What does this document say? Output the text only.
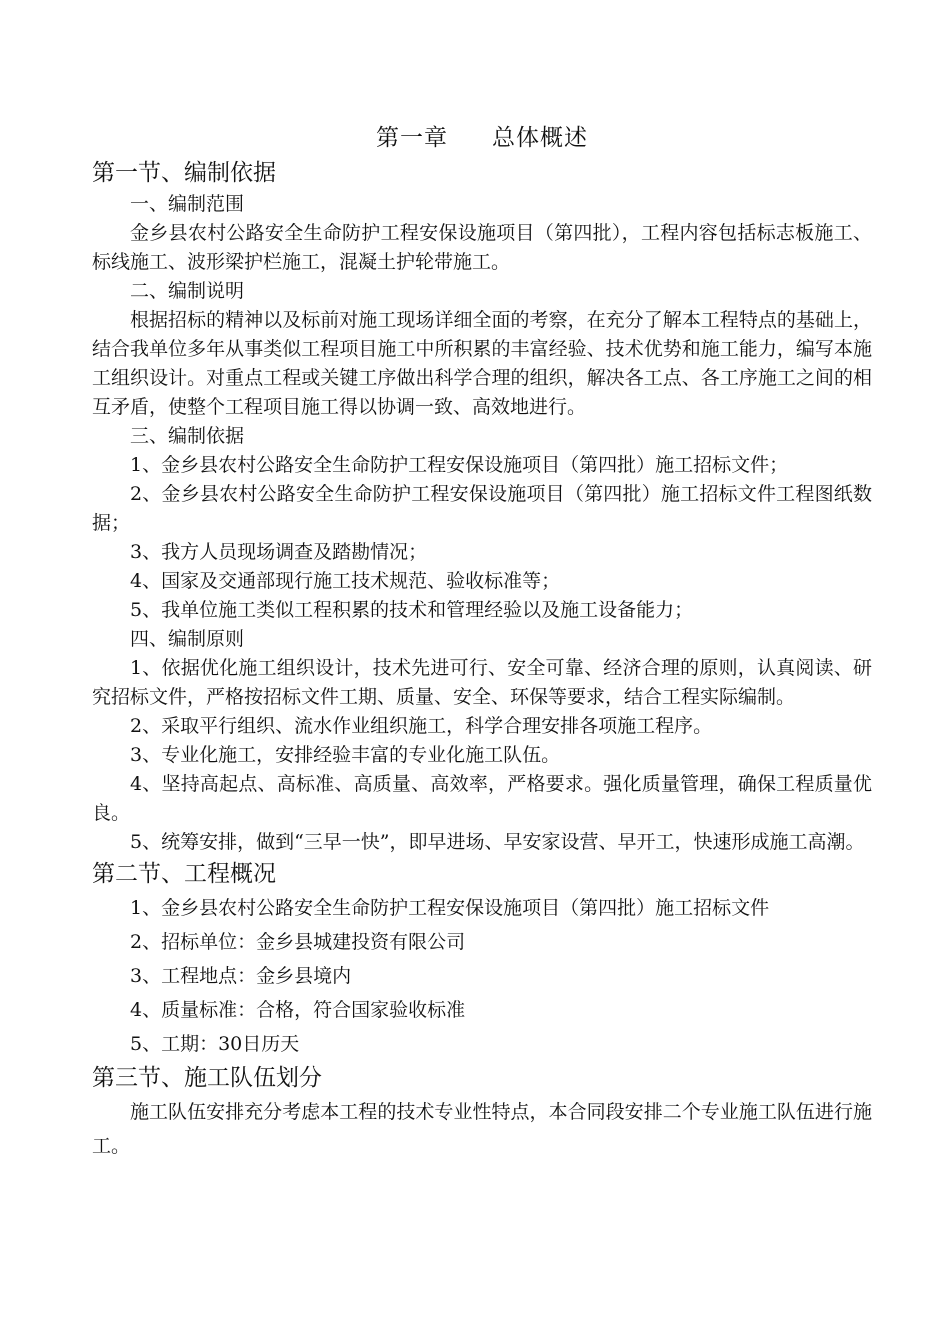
第一章 总体概述
第一节、编制依据

一、编制范围

金乡县农村公路安全生命防护工程安保设施项目（第四批），工程内容包括标志板施工、标线施工、波形梁护栏施工，混凝土护轮带施工。

二、编制说明

根据招标的精神以及标前对施工现场详细全面的考察，在充分了解本工程特点的基础上，结合我单位多年从事类似工程项目施工中所积累的丰富经验、技术优势和施工能力，编写本施工组织设计。对重点工程或关键工序做出科学合理的组织，解决各工点、各工序施工之间的相互矛盾，使整个工程项目施工得以协调一致、高效地进行。

三、编制依据

1、金乡县农村公路安全生命防护工程安保设施项目（第四批）施工招标文件；

2、金乡县农村公路安全生命防护工程安保设施项目（第四批）施工招标文件工程图纸数据；

3、我方人员现场调查及踏勘情况；

4、国家及交通部现行施工技术规范、验收标准等；

5、我单位施工类似工程积累的技术和管理经验以及施工设备能力；

四、编制原则

1、依据优化施工组织设计，技术先进可行、安全可靠、经济合理的原则，认真阅读、研究招标文件，严格按招标文件工期、质量、安全、环保等要求，结合工程实际编制。

2、采取平行组织、流水作业组织施工，科学合理安排各项施工程序。

3、专业化施工，安排经验丰富的专业化施工队伍。

4、坚持高起点、高标准、高质量、高效率，严格要求。强化质量管理，确保工程质量优良。

5、统筹安排，做到“三早一快”，即早进场、早安家设营、早开工，快速形成施工高潮。

第二节、工程概况

1、金乡县农村公路安全生命防护工程安保设施项目（第四批）施工招标文件

2、招标单位：金乡县城建投资有限公司

3、工程地点：金乡县境内

4、质量标准：合格，符合国家验收标准

5、工期：30日历天

第三节、施工队伍划分

施工队伍安排充分考虑本工程的技术专业性特点，本合同段安排二个专业施工队伍进行施工。
